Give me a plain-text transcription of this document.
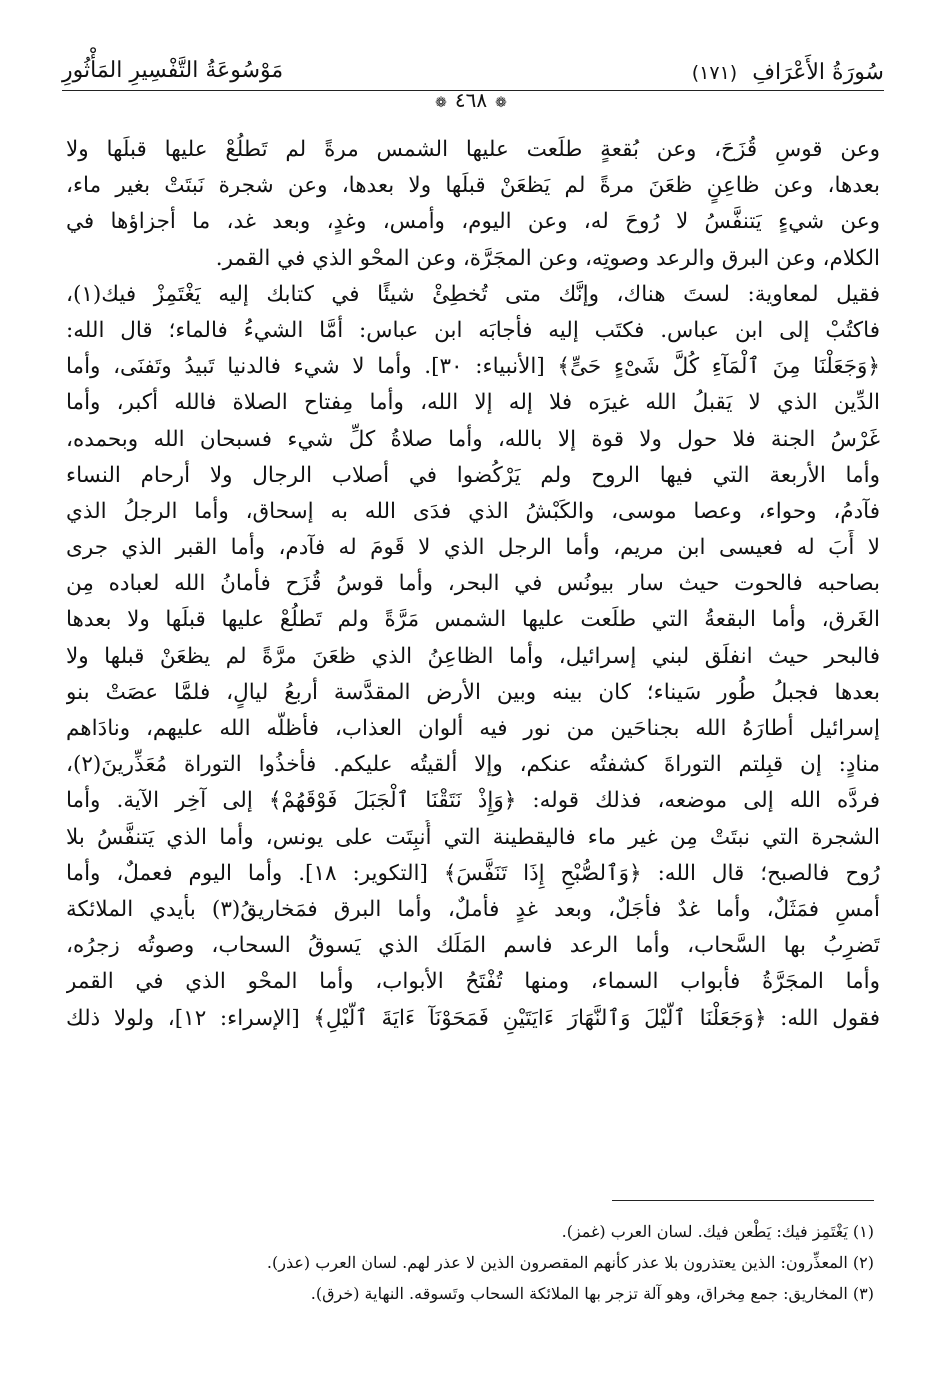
سُورَةُ الأَعْرَافِ (١٧١)
مَوْسُوعَةُ التَّفْسِيرِ المَأْثُورِ
❁٤٦٨❁
وعن قوسِ قُزَحَ، وعن بُقعةٍ طلَعت عليها الشمس مرةً لم تَطلُعْ عليها قبلَها ولا
بعدها، وعن ظاعِنٍ ظعَنَ مرةً لم يَظعَنْ قبلَها ولا بعدها، وعن شجرة نَبتَتْ بغير ماء،
وعن شيءٍ يَتنفَّسُ لا رُوحَ له، وعن اليوم، وأمس، وغدٍ، وبعد غد، ما أجزاؤها في
الكلام، وعن البرق والرعد وصوتِه، وعن المجَرَّة، وعن المحْو الذي في القمر.
فقيل لمعاوية: لستَ هناك، وإنَّك متى تُخطِئْ شيئًا في كتابك إليه يَغْتَمِزْ فيك(١)،
فاكتُبْ إلى ابن عباس. فكتَب إليه فأجابَه ابن عباس: أمَّا الشيءُ فالماء؛ قال الله:
﴿وَجَعَلْنَا مِنَ ٱلْمَآءِ كُلَّ شَىْءٍ حَىٍّ﴾ [الأنبياء: ٣٠]. وأما لا شيء فالدنيا تَبيدُ وتَفنَى، وأما
الدِّين الذي لا يَقبلُ الله غيرَه فلا إله إلا الله، وأما مِفتاح الصلاة فالله أكبر، وأما
غَرْسُ الجنة فلا حول ولا قوة إلا بالله، وأما صلاةُ كلِّ شيء فسبحان الله وبحمده،
وأما الأربعة التي فيها الروح ولم يَرْكُضوا في أصلاب الرجال ولا أرحام النساء
فآدمُ، وحواء، وعصا موسى، والكَبْشُ الذي فدَى الله به إسحاق، وأما الرجلُ الذي
لا أَبَ له فعيسى ابن مريم، وأما الرجل الذي لا قَومَ له فآدم، وأما القبر الذي جرى
بصاحبه فالحوت حيث سار بيونُس في البحر، وأما قوسُ قُزَح فأمانُ الله لعباده مِن
الغَرق، وأما البقعةُ التي طلَعت عليها الشمس مَرَّةً ولم تَطلُعْ عليها قبلَها ولا بعدها
فالبحر حيث انفلَق لبني إسرائيل، وأما الظاعِنُ الذي ظعَنَ مرَّةً لم يظعَنْ قبلها ولا
بعدها فجبلُ طُور سَيناء؛ كان بينه وبين الأرض المقدَّسة أربعُ ليالٍ، فلمَّا عصَتْ بنو
إسرائيل أطارَهُ الله بجناحَين من نور فيه ألوان العذاب، فأظلَّه الله عليهم، ونادَاهم
منادٍ: إن قبِلتم التوراةَ كشفتُه عنكم، وإلا ألقيتُه عليكم. فأخذُوا التوراة مُعَذِّرينَ(٢)،
فردَّه الله إلى موضعه، فذلك قوله: ﴿وَإِذْ نَتَقْنَا ٱلْجَبَلَ فَوْقَهُمْ﴾ إلى آخِر الآية. وأما
الشجرة التي نبتَتْ مِن غير ماء فاليقطينة التي أُنبِتَت على يونس، وأما الذي يَتنفَّسُ بلا
رُوح فالصبح؛ قال الله: ﴿وَٱلصُّبْحِ إِذَا تَنَفَّسَ﴾ [التكوير: ١٨]. وأما اليوم فعملٌ، وأما
أمسِ فمَثَلٌ، وأما غدٌ فأجَلٌ، وبعد غدٍ فأملٌ، وأما البرق فمَخاريقُ(٣) بأيدي الملائكة
تَضرِبُ بها السَّحاب، وأما الرعد فاسم المَلَك الذي يَسوقُ السحاب، وصوتُه زجرُه،
وأما المجَرَّةُ فأبواب السماء، ومنها تُفْتَحُ الأبواب، وأما المحْو الذي في القمر
فقول الله: ﴿وَجَعَلْنَا ٱلَّيْلَ وَٱلنَّهَارَ ءَايَتَيْنِ فَمَحَوْنَآ ءَايَةَ ٱلَّيْلِ﴾ [الإسراء: ١٢]، ولولا ذلك
(١) يَغْتَمِز فيك: يَطْعن فيك. لسان العرب (غمز).
(٢) المعذِّرون: الذين يعتذرون بلا عذر كأنهم المقصرون الذين لا عذر لهم. لسان العرب (عذر).
(٣) المخاريق: جمع مِخراق، وهو آلة تزجر بها الملائكة السحاب وتَسوقه. النهاية (خرق).
